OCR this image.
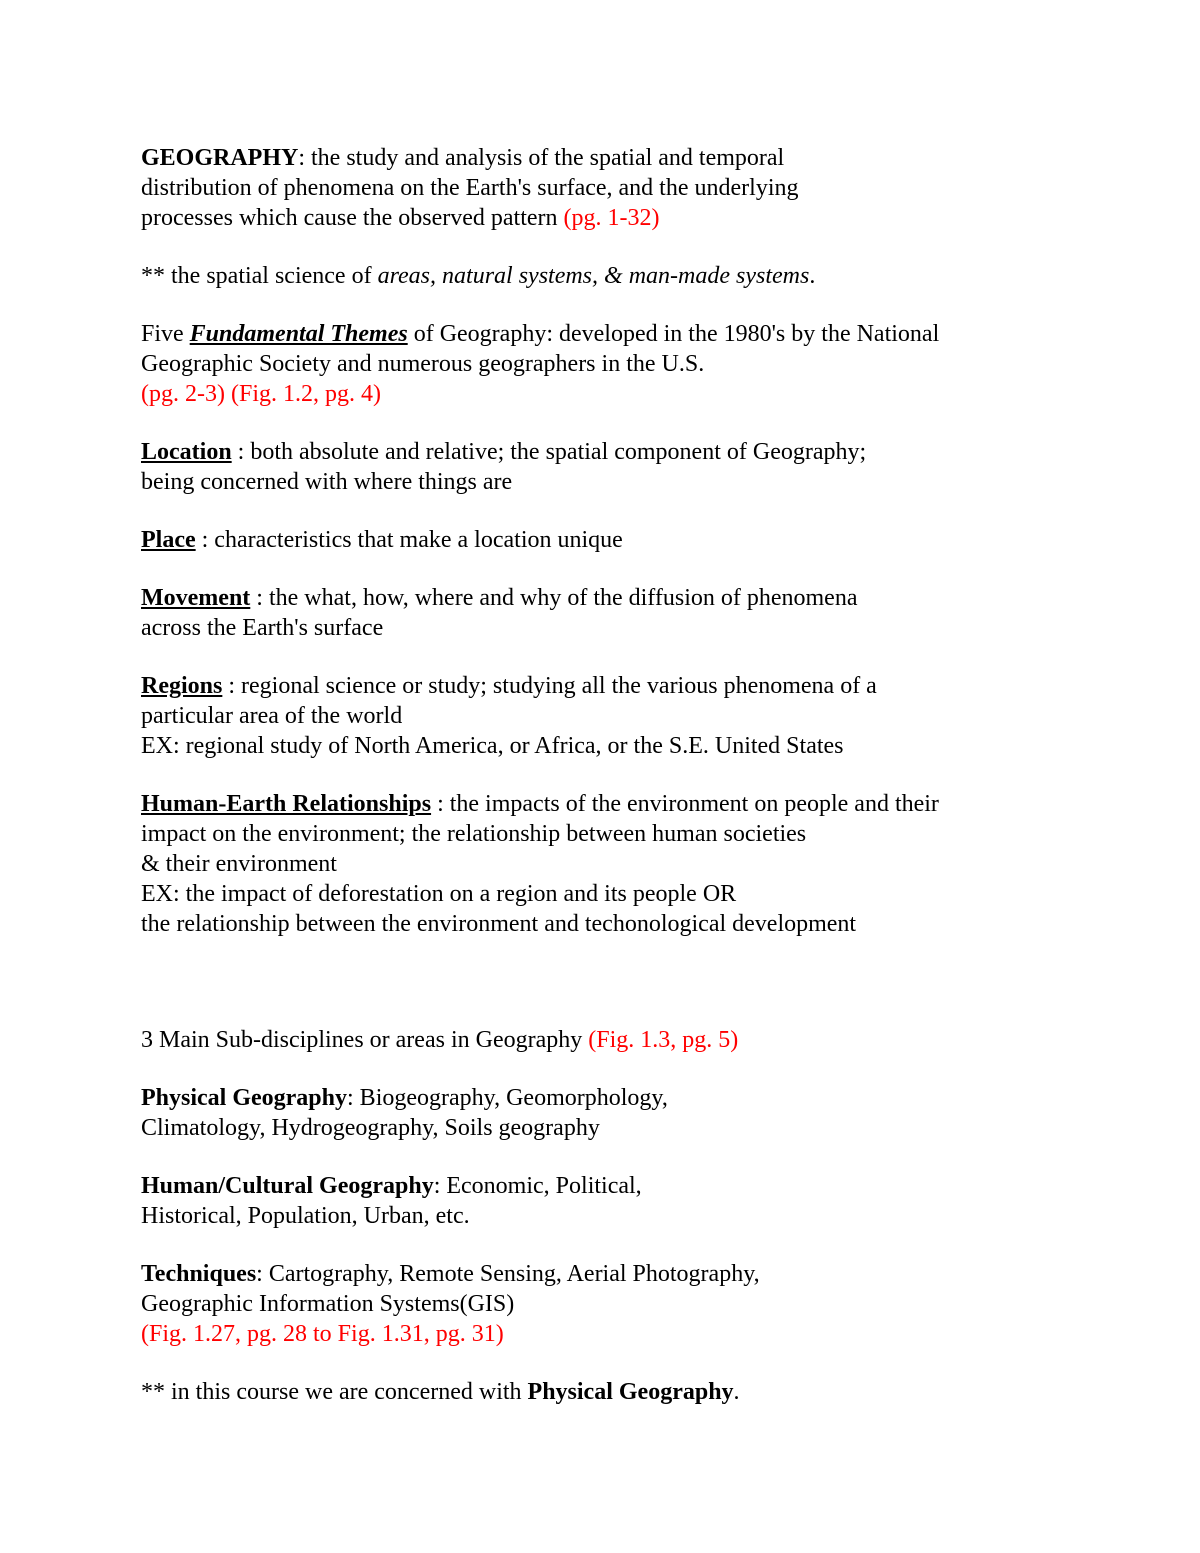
GEOGRAPHY: the study and analysis of the spatial and temporal
distribution of phenomena on the Earth's surface, and the underlying
processes which cause the observed pattern (pg. 1-32)
** the spatial science of areas, natural systems, & man-made systems.
Five Fundamental Themes of Geography: developed in the 1980's by the National
Geographic Society and numerous geographers in the U.S.
(pg. 2-3) (Fig. 1.2, pg. 4)
Location : both absolute and relative; the spatial component of Geography;
being concerned with where things are
Place : characteristics that make a location unique
Movement : the what, how, where and why of the diffusion of phenomena
across the Earth's surface
Regions : regional science or study; studying all the various phenomena of a
particular area of the world
EX: regional study of North America, or Africa, or the S.E. United States
Human-Earth Relationships : the impacts of the environment on people and their
impact on the environment; the relationship between human societies
& their environment
EX: the impact of deforestation on a region and its people OR
the relationship between the environment and techonological development
3 Main Sub-disciplines or areas in Geography (Fig. 1.3, pg. 5)
Physical Geography: Biogeography, Geomorphology,
Climatology, Hydrogeography, Soils geography
Human/Cultural Geography: Economic, Political,
Historical, Population, Urban, etc.
Techniques: Cartography, Remote Sensing, Aerial Photography,
Geographic Information Systems(GIS)
(Fig. 1.27, pg. 28 to Fig. 1.31, pg. 31)
** in this course we are concerned with Physical Geography.
